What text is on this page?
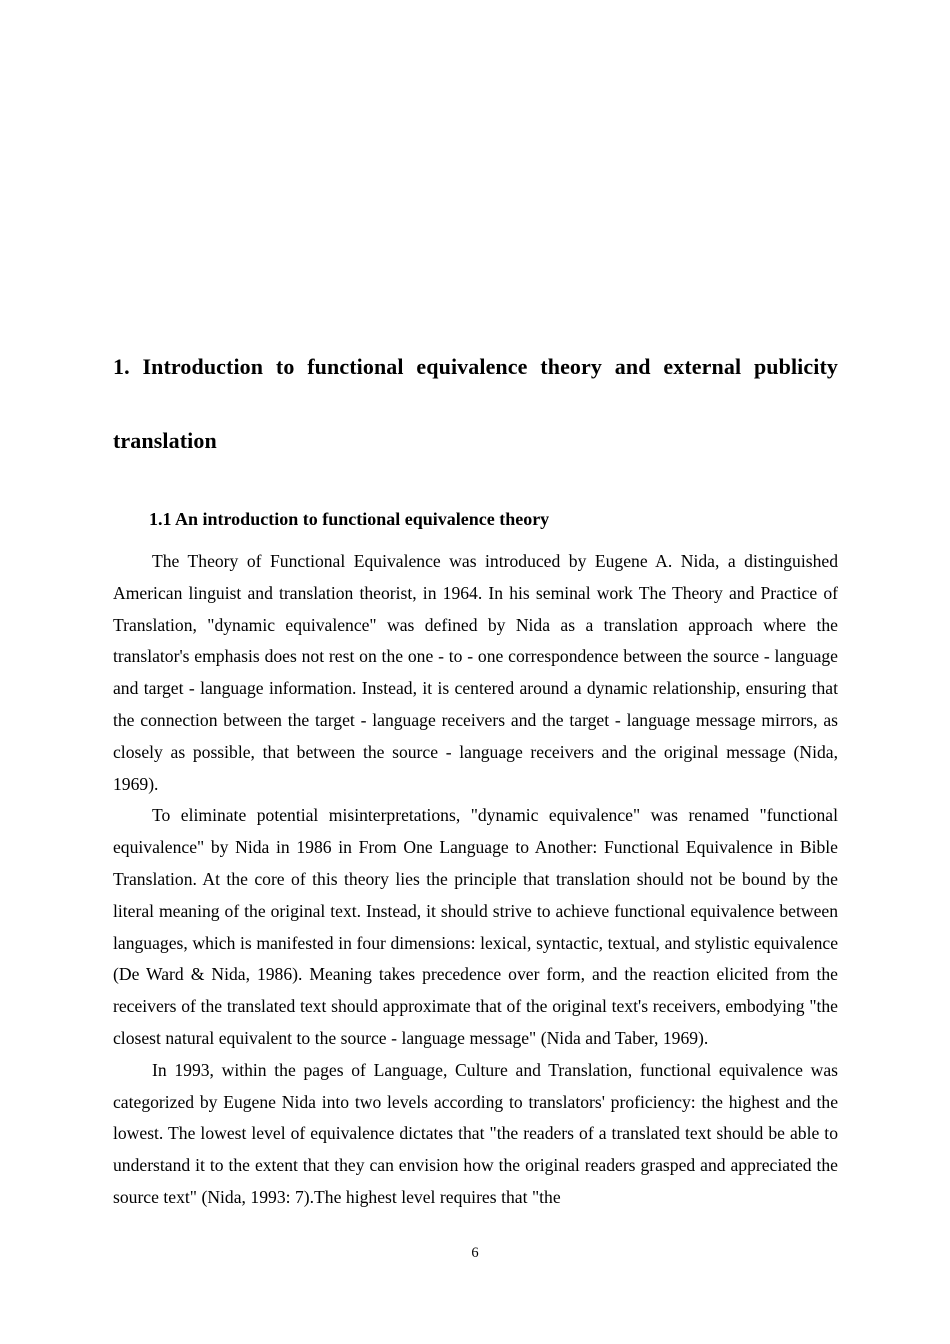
1. Introduction to functional equivalence theory and external publicity
translation
1.1 An introduction to functional equivalence theory

The Theory of Functional Equivalence was introduced by Eugene A. Nida, a distinguished American linguist and translation theorist, in 1964. In his seminal work The Theory and Practice of Translation, "dynamic equivalence" was defined by Nida as a translation approach where the translator's emphasis does not rest on the one - to - one correspondence between the source - language and target - language information. Instead, it is centered around a dynamic relationship, ensuring that the connection between the target - language receivers and the target - language message mirrors, as closely as possible, that between the source - language receivers and the original message (Nida, 1969).

To eliminate potential misinterpretations, "dynamic equivalence" was renamed "functional equivalence" by Nida in 1986 in From One Language to Another: Functional Equivalence in Bible Translation. At the core of this theory lies the principle that translation should not be bound by the literal meaning of the original text. Instead, it should strive to achieve functional equivalence between languages, which is manifested in four dimensions: lexical, syntactic, textual, and stylistic equivalence (De Ward & Nida, 1986). Meaning takes precedence over form, and the reaction elicited from the receivers of the translated text should approximate that of the original text's receivers, embodying "the closest natural equivalent to the source - language message" (Nida and Taber, 1969).

In 1993, within the pages of Language, Culture and Translation, functional equivalence was categorized by Eugene Nida into two levels according to translators' proficiency: the highest and the lowest. The lowest level of equivalence dictates that "the readers of a translated text should be able to understand it to the extent that they can envision how the original readers grasped and appreciated the source text" (Nida, 1993: 7).The highest level requires that "the

6
